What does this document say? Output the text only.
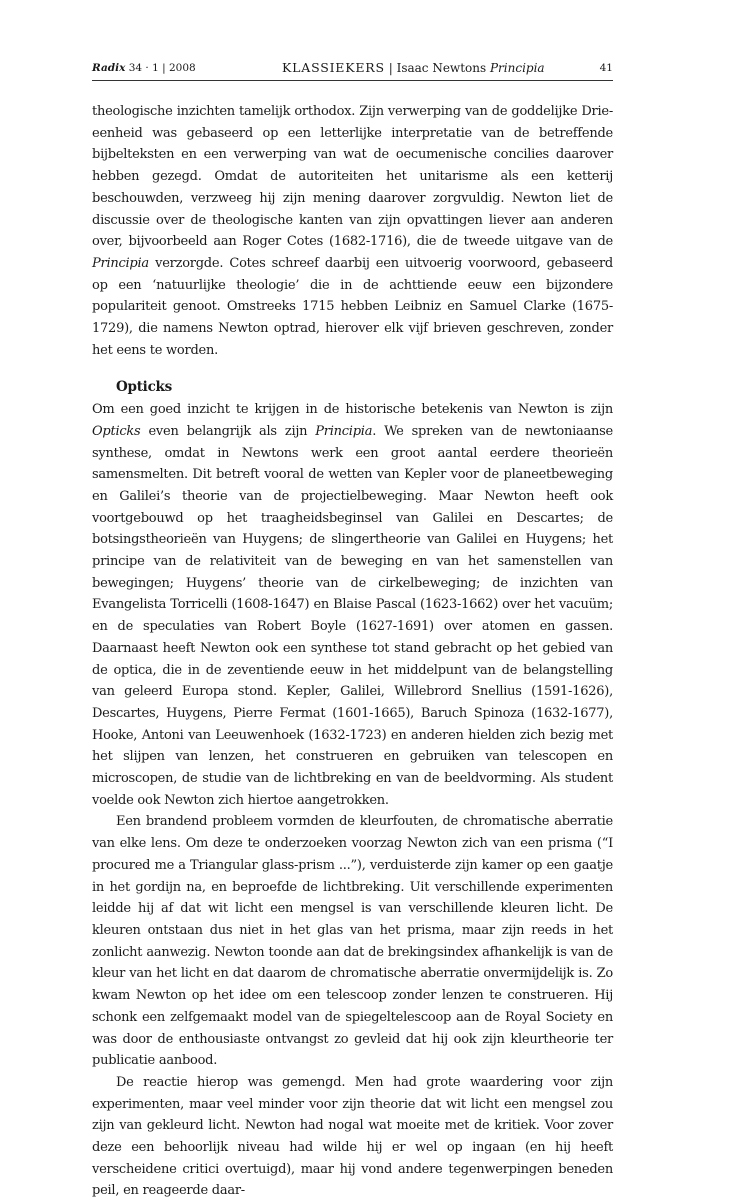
Radix 34 · 1 | 2008	KLASSIEKERS | Isaac Newtons Principia	41

theologische inzichten tamelijk orthodox. Zijn verwerping van de goddelijke Drie-eenheid was gebaseerd op een letterlijke interpretatie van de betreffende bijbelteksten en een verwerping van wat de oecumenische concilies daarover hebben gezegd. Omdat de autoriteiten het unitarisme als een ketterij beschouwden, verzweeg hij zijn mening daarover zorgvuldig. Newton liet de discussie over de theologische kanten van zijn opvattingen liever aan anderen over, bijvoorbeeld aan Roger Cotes (1682-1716), die de tweede uitgave van de Principia verzorgde. Cotes schreef daarbij een uitvoerig voorwoord, gebaseerd op een ‘natuurlijke theologie’ die in de achttiende eeuw een bijzondere populariteit genoot. Omstreeks 1715 hebben Leibniz en Samuel Clarke (1675-1729), die namens Newton optrad, hierover elk vijf brieven geschreven, zonder het eens te worden.

Opticks

Om een goed inzicht te krijgen in de historische betekenis van Newton is zijn Opticks even belangrijk als zijn Principia. We spreken van de newtoniaanse synthese, omdat in Newtons werk een groot aantal eerdere theorieën samensmelten. Dit betreft vooral de wetten van Kepler voor de planeetbeweging en Galilei’s theorie van de projectielbeweging. Maar Newton heeft ook voortgebouwd op het traagheidsbeginsel van Galilei en Descartes; de botsingstheorieën van Huygens; de slingertheorie van Galilei en Huygens; het principe van de relativiteit van de beweging en van het samenstellen van bewegingen; Huygens’ theorie van de cirkelbeweging; de inzichten van Evangelista Torricelli (1608-1647) en Blaise Pascal (1623-1662) over het vacuüm; en de speculaties van Robert Boyle (1627-1691) over atomen en gassen. Daarnaast heeft Newton ook een synthese tot stand gebracht op het gebied van de optica, die in de zeventiende eeuw in het middelpunt van de belangstelling van geleerd Europa stond. Kepler, Galilei, Willebrord Snellius (1591-1626), Descartes, Huygens, Pierre Fermat (1601-1665), Baruch Spinoza (1632-1677), Hooke, Antoni van Leeuwenhoek (1632-1723) en anderen hielden zich bezig met het slijpen van lenzen, het construeren en gebruiken van telescopen en microscopen, de studie van de lichtbreking en van de beeldvorming. Als student voelde ook Newton zich hiertoe aangetrokken.

Een brandend probleem vormden de kleurfouten, de chromatische aberratie van elke lens. Om deze te onderzoeken voorzag Newton zich van een prisma (“I procured me a Triangular glass-prism ...”), verduisterde zijn kamer op een gaatje in het gordijn na, en beproefde de lichtbreking. Uit verschillende experimenten leidde hij af dat wit licht een mengsel is van verschillende kleuren licht. De kleuren ontstaan dus niet in het glas van het prisma, maar zijn reeds in het zonlicht aanwezig. Newton toonde aan dat de brekingsindex afhankelijk is van de kleur van het licht en dat daarom de chromatische aberratie onvermijdelijk is. Zo kwam Newton op het idee om een telescoop zonder lenzen te construeren. Hij schonk een zelfgemaakt model van de spiegeltelescoop aan de Royal Society en was door de enthousiaste ontvangst zo gevleid dat hij ook zijn kleurtheorie ter publicatie aanbood.

De reactie hierop was gemengd. Men had grote waardering voor zijn experimenten, maar veel minder voor zijn theorie dat wit licht een mengsel zou zijn van gekleurd licht. Newton had nogal wat moeite met de kritiek. Voor zover deze een behoorlijk niveau had wilde hij er wel op ingaan (en hij heeft verscheidene critici overtuigd), maar hij vond andere tegenwerpingen beneden peil, en reageerde daar-
